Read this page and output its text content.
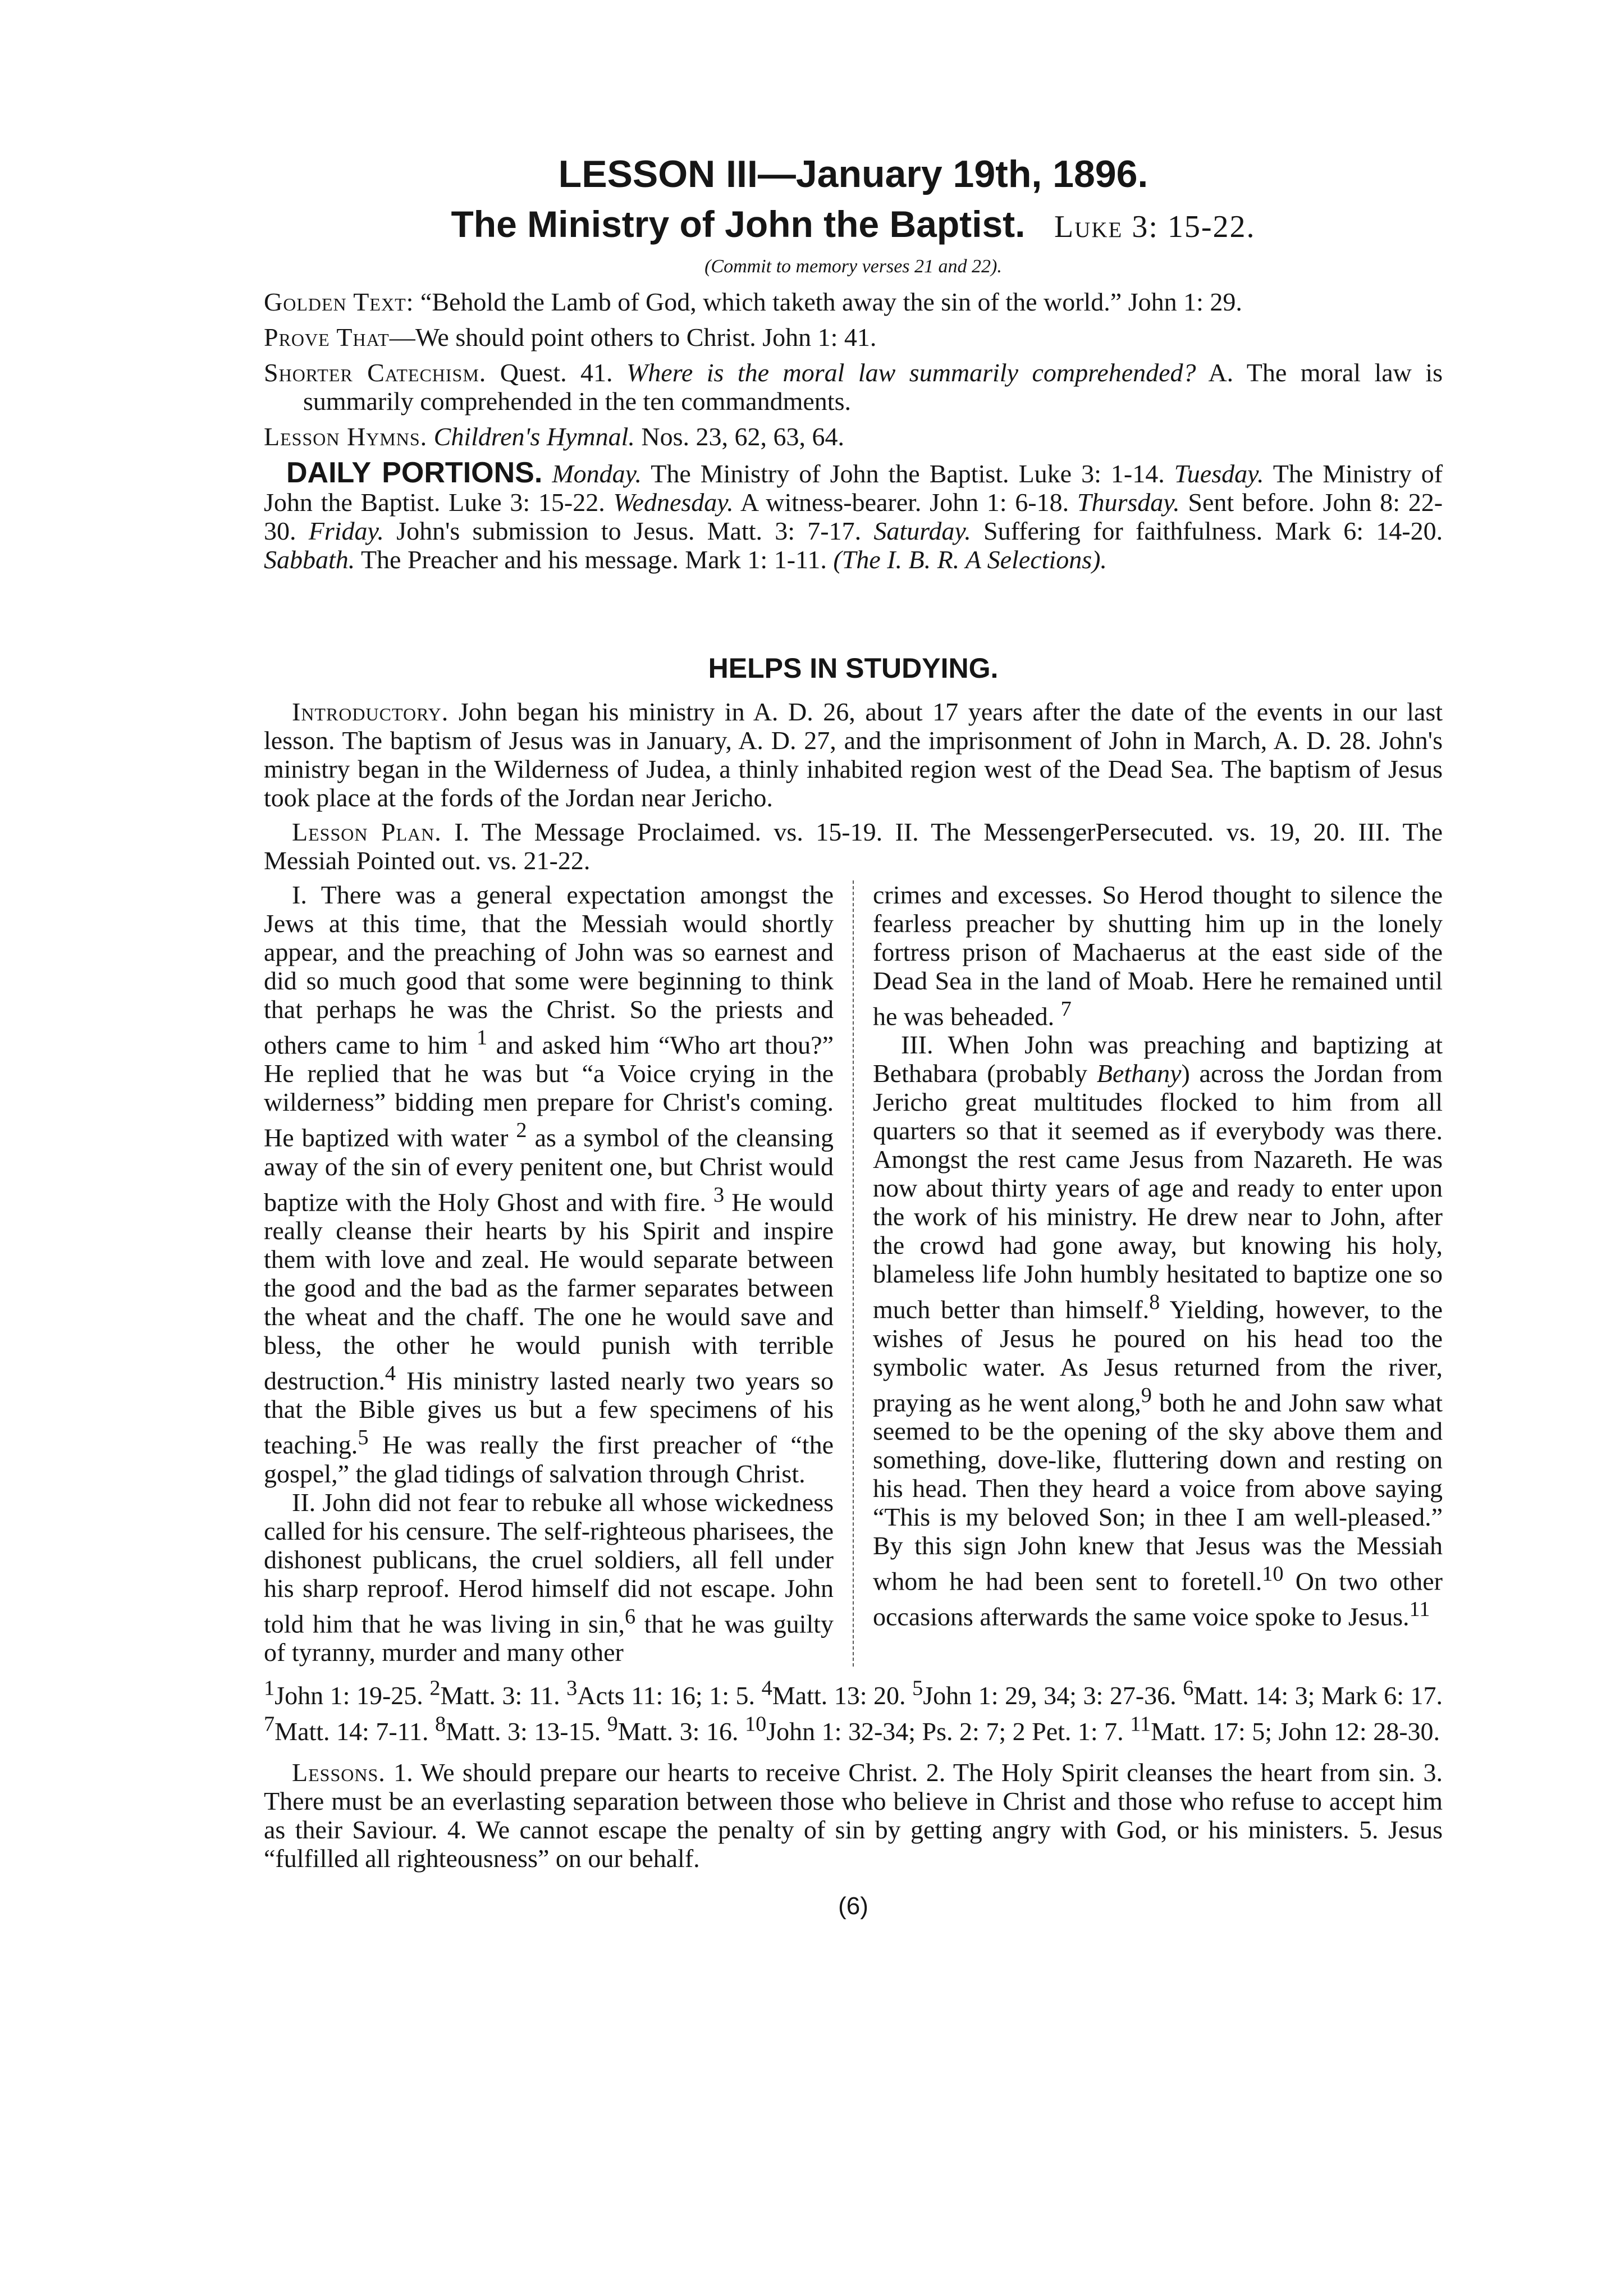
LESSON III—January 19th, 1896.
The Ministry of John the Baptist. Luke 3: 15-22.
(Commit to memory verses 21 and 22).

Golden Text: “Behold the Lamb of God, which taketh away the sin of the world.” John 1: 29.

Prove That—We should point others to Christ. John 1: 41.

Shorter Catechism. Quest. 41. Where is the moral law summarily comprehended? A. The moral law is summarily comprehended in the ten commandments.

Lesson Hymns. Children's Hymnal. Nos. 23, 62, 63, 64.

DAILY PORTIONS. Monday. The Ministry of John the Baptist. Luke 3: 1-14. Tuesday. The Ministry of John the Baptist. Luke 3: 15-22. Wednesday. A witness-bearer. John 1: 6-18. Thursday. Sent before. John 8: 22-30. Friday. John's submission to Jesus. Matt. 3: 7-17. Saturday. Suffering for faithfulness. Mark 6: 14-20. Sabbath. The Preacher and his message. Mark 1: 1-11. (The I. B. R. A Selections).

HELPS IN STUDYING.

Introductory. John began his ministry in A. D. 26, about 17 years after the date of the events in our last lesson. The baptism of Jesus was in January, A. D. 27, and the imprisonment of John in March, A. D. 28. John's ministry began in the Wilderness of Judea, a thinly inhabited region west of the Dead Sea. The baptism of Jesus took place at the fords of the Jordan near Jericho.

Lesson Plan. I. The Message Proclaimed. vs. 15-19. II. The MessengerPersecuted. vs. 19, 20. III. The Messiah Pointed out. vs. 21-22.

I. There was a general expectation amongst the Jews at this time, that the Messiah would shortly appear, and the preaching of John was so earnest and did so much good that some were beginning to think that perhaps he was the Christ. So the priests and others came to him $^1$ and asked him “Who art thou?” He replied that he was but “a Voice crying in the wilderness” bidding men prepare for Christ's coming. He baptized with water $^2$ as a symbol of the cleansing away of the sin of every penitent one, but Christ would baptize with the Holy Ghost and with fire. $^3$ He would really cleanse their hearts by his Spirit and inspire them with love and zeal. He would separate between the good and the bad as the farmer separates between the wheat and the chaff. The one he would save and bless, the other he would punish with terrible destruction.$^4$ His ministry lasted nearly two years so that the Bible gives us but a few specimens of his teaching.$^5$ He was really the first preacher of “the gospel,” the glad tidings of salvation through Christ.

II. John did not fear to rebuke all whose wickedness called for his censure. The self-righteous pharisees, the dishonest publicans, the cruel soldiers, all fell under his sharp reproof. Herod himself did not escape. John told him that he was living in sin,$^6$ that he was guilty of tyranny, murder and many other

crimes and excesses. So Herod thought to silence the fearless preacher by shutting him up in the lonely fortress prison of Machaerus at the east side of the Dead Sea in the land of Moab. Here he remained until he was beheaded. $^7$

III. When John was preaching and baptizing at Bethabara (probably Bethany) across the Jordan from Jericho great multitudes flocked to him from all quarters so that it seemed as if everybody was there. Amongst the rest came Jesus from Nazareth. He was now about thirty years of age and ready to enter upon the work of his ministry. He drew near to John, after the crowd had gone away, but knowing his holy, blameless life John humbly hesitated to baptize one so much better than himself.$^8$ Yielding, however, to the wishes of Jesus he poured on his head too the symbolic water. As Jesus returned from the river, praying as he went along,$^9$ both he and John saw what seemed to be the opening of the sky above them and something, dove-like, fluttering down and resting on his head. Then they heard a voice from above saying “This is my beloved Son; in thee I am well-pleased.” By this sign John knew that Jesus was the Messiah whom he had been sent to foretell.$^{10}$ On two other occasions afterwards the same voice spoke to Jesus.$^{11}$

$^1$John 1: 19-25. $^2$Matt. 3: 11. $^3$Acts 11: 16; 1: 5. $^4$Matt. 13: 20. $^5$John 1: 29, 34; 3: 27-36. $^6$Matt. 14: 3; Mark 6: 17. $^7$Matt. 14: 7-11. $^8$Matt. 3: 13-15. $^9$Matt. 3: 16. $^{10}$John 1: 32-34; Ps. 2: 7; 2 Pet. 1: 7. $^{11}$Matt. 17: 5; John 12: 28-30.

Lessons. 1. We should prepare our hearts to receive Christ. 2. The Holy Spirit cleanses the heart from sin. 3. There must be an everlasting separation between those who believe in Christ and those who refuse to accept him as their Saviour. 4. We cannot escape the penalty of sin by getting angry with God, or his ministers. 5. Jesus “fulfilled all righteousness” on our behalf.

(6)
